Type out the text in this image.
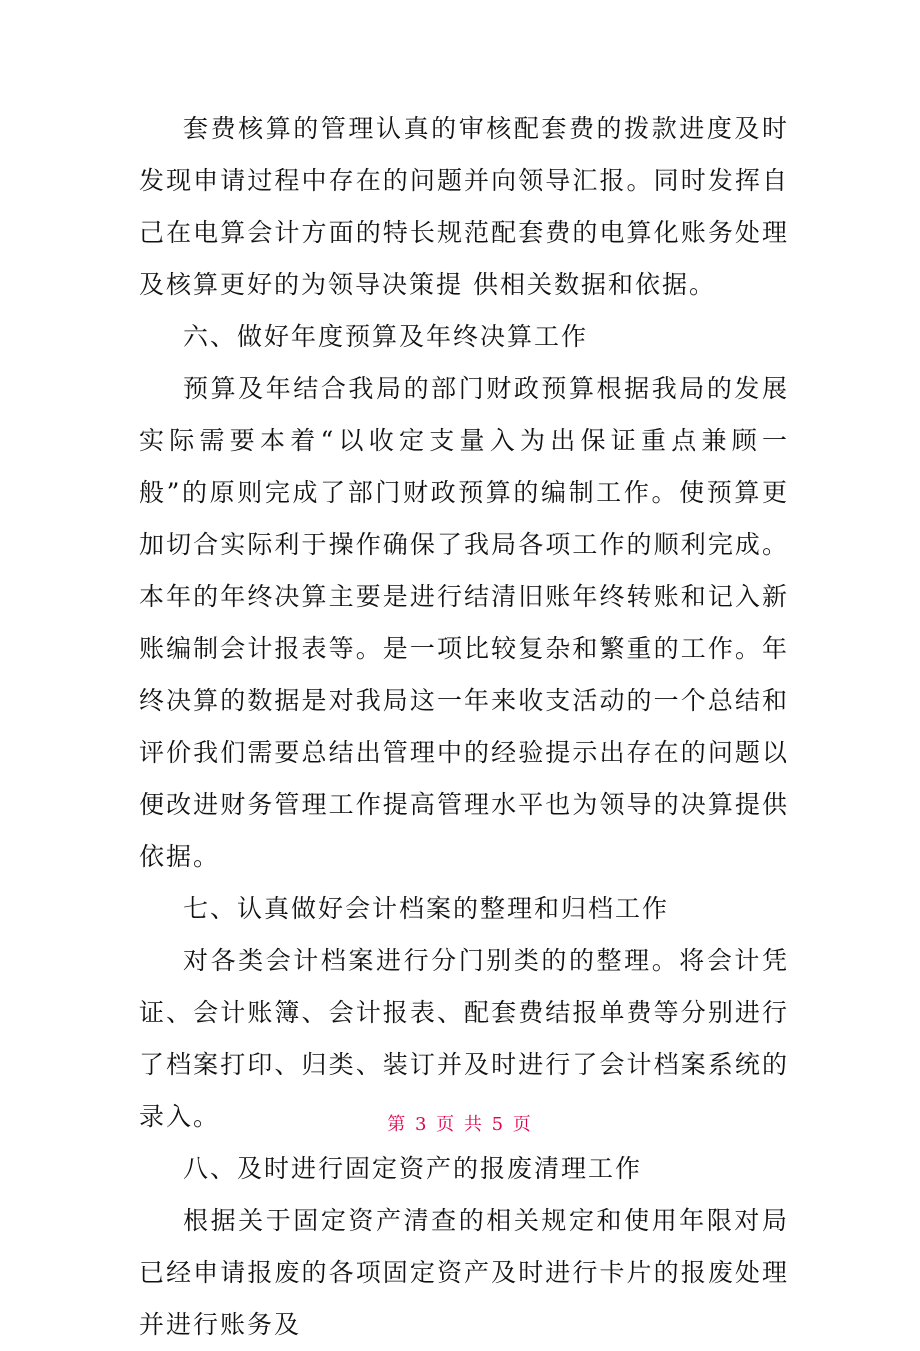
套费核算的管理认真的审核配套费的拨款进度及时发现申请过程中存在的问题并向领导汇报。同时发挥自己在电算会计方面的特长规范配套费的电算化账务处理及核算更好的为领导决策提 供相关数据和依据。

六、做好年度预算及年终决算工作

预算及年结合我局的部门财政预算根据我局的发展实际需要本着“以收定支量入为出保证重点兼顾一般”的原则完成了部门财政预算的编制工作。使预算更加切合实际利于操作确保了我局各项工作的顺利完成。本年的年终决算主要是进行结清旧账年终转账和记入新账编制会计报表等。是一项比较复杂和繁重的工作。年终决算的数据是对我局这一年来收支活动的一个总结和评价我们需要总结出管理中的经验提示出存在的问题以便改进财务管理工作提高管理水平也为领导的决算提供依据。

七、认真做好会计档案的整理和归档工作

对各类会计档案进行分门别类的的整理。将会计凭证、会计账簿、会计报表、配套费结报单费等分别进行了档案打印、归类、装订并及时进行了会计档案系统的录入。

八、及时进行固定资产的报废清理工作

根据关于固定资产清查的相关规定和使用年限对局已经申请报废的各项固定资产及时进行卡片的报废处理并进行账务及

第 3 页 共 5 页
